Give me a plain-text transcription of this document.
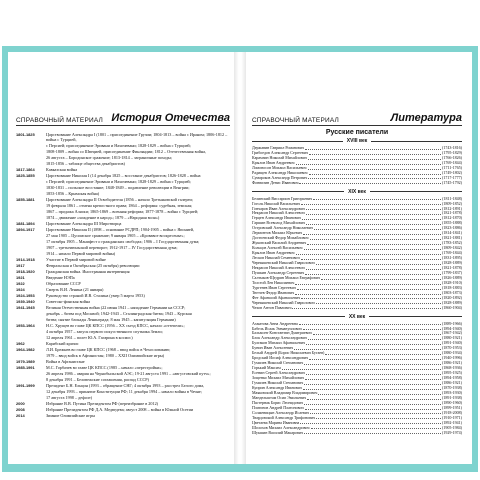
СПРАВОЧНЫЙ МАТЕРИАЛ История Отечества
1801-1825	Царствование Александра I (1801 – присоединение Грузии; 1804-1813 – война с Ираном; 1806-1812 – война с Турцией,
с Персией; присоединение Эривани и Нахичевани; 1828-1829 – война с Турцией;
1808-1809 – война со Швецией, присоединение Финляндии; 1812 – Отечественная война,
26 августа – Бородинское сражение; 1813-1814 – заграничные походы;
1815-1856 – таблице общества декабристов)
1817-1864	Кавказская война
1825-1855	Царствование Николая I (14 декабря 1825 – восстание декабристов; 1826-1828 – война
с Персией; присоединение Эривани и Нахичевани; 1828-1829 – война с Турцией;
1830-1831 – польское восстание; 1848-1849 – подавление революции в Венгрии;
1853-1856 – Крымская война)
1855-1881	Царствование Александра II Освободителя (1856 – начало Третьяковской галереи;
19 февраля 1861 – отмена крепостного права; 1864 – реформы: судебная, земская;
1867 – продажа Аляски; 1865-1869 – военная реформа; 1877-1878 – война с Турцией;
1874 – движение «хождение в народ»; 1879 – «Народная воля»)
1881-1894	Царствование Александра III Миротворца
1894-1917	Царствование Николая II (1898 – основание РСДРП; 1904-1905 – война с Японией,
27 мая 1905 – Цусимское сражение; 9 января 1905 – «Кровавое воскресенье»;
17 октября 1905 – Манифест о гражданских свободах; 1906 – I Государственная дума;
1907 – третьеиюньский переворот; 1912-1917 – IV Государственная дума;
1914 – начало Первой мировой войны)
1914-1918	Участие в Первой мировой войне
1917	Февральская и Октябрьская (25 октября) революции
1918-1920	Гражданская война. Иностранная интервенция
1921	Введение НЭПа
1922	Образование СССР
1924	Смерть В.И. Ленина (21 января)
1924-1953	Руководство страной И.В. Сталина (умер 5 марта 1953)
1939-1940	Советско-финская война
1941-1945	Великая Отечественная война (22 июня 1941 – нападение Германии на СССР;
декабрь – битва под Москвой; 1942-1943 – Сталинградская битва; 1943 – Курская
битва; снятие блокады Ленинграда; 8 мая 1945 – капитуляция Германии)
1953-1964	Н.С. Хрущев во главе ЦК КПСС (1956 – XX съезд КПСС, начало «оттепели»;
4 октября 1957 – запуск первого искусственного спутника Земли;
12 апреля 1961 – полет Ю.А. Гагарина в космос)
1962	Карибский кризис
1964-1982	Л.И. Брежнев во главе ЦК КПСС (1968 – ввод войск в Чехословакию;
1979 – ввод войск в Афганистан; 1980 – XXII Олимпийские игры)
1979-1989	Война в Афганистане
1985-1991	М.С. Горбачев во главе ЦК КПСС (1985 – начало «перестройки»;
26 апреля 1986 – авария на Чернобыльской АЭС; 19-21 августа 1991 – «августовский путч»;
8 декабря 1991 – Беловежские соглашения, распад СССР)
1991-1999	Президент Б.Н. Ельцин (1993 – обращение СНГ; 4 октября 1993 – расстрел Белого дома,
12 декабря 1993 – принятие Конституции РФ; 11 декабря 1994 – начало войны в Чечне;
17 августа 1998 – дефолт)
2000	Избрание В.В. Путина Президентом РФ (переизбрание в 2012)
2008	Избрание Президентом РФ Д.А. Медведева; август 2008 – война в Южной Осетии
2014	Зимние Олимпийские игры
СПРАВОЧНЫЙ МАТЕРИАЛ	Литература
Русские писатели
XVIII век
Державин Гавриил Романович	(1743-1816)
Грибоедов Александр Сергеевич	(1795-1829)
Карамзин Николай Михайлович	(1766-1826)
Крылов Иван Андреевич	(1769-1844)
Ломоносов Михаил Васильевич	(1711-1765)
Радищев Александр Николаевич	(1749-1802)
Сумароков Александр Петрович	(1717-1777)
Фонвизин Денис Иванович	(1745-1792)
XIX век
Белинский Виссарион Григорьевич	(1811-1848)
Гоголь Николай Васильевич	(1809-1852)
Гончаров Иван Александрович	(1812-1891)
Некрасов Николай Алексеевич	(1821-1878)
Герцен Александр Иванович	(1812-1870)
Гаршин Всеволод Михайлович	(1855-1888)
Островский Александр Николаевич	(1823-1886)
Лермонтов Михаил Юрьевич	(1814-1841)
Достоевский Федор Михайлович	(1821-1881)
Жуковский Василий Андреевич	(1783-1852)
Кольцов Алексей Васильевич	(1809-1842)
Крылов Иван Андреевич	(1769-1844)
Лесков Николай Семенович	(1831-1895)
Чернышевский Николай Гаврилович	(1828-1889)
Некрасов Николай Алексеевич	(1821-1878)
Пушкин Александр Сергеевич	(1799-1837)
Салтыков-Щедрин Михаил Евграфович	(1826-1889)
Толстой Лев Николаевич	(1828-1910)
Тургенев Иван Сергеевич	(1818-1883)
Тютчев Федор Иванович	(1803-1873)
Фет Афанасий Афанасьевич	(1820-1892)
Чернышевский Николай Гаврилович	(1828-1889)
Чехов Антон Павлович	(1860-1904)
XX век
Ахматова Анна Андреевна	(1889-1966)
Бабель Исаак Эммануилович	(1894-1940)
Бальмонт Константин Дмитриевич	(1867-1942)
Блок Александр Александрович	(1880-1921)
Булгаков Михаил Афанасьевич	(1891-1940)
Бунин Иван Алексеевич	(1870-1953)
Белый Андрей (Борис Николаевич Бугаев)	(1880-1934)
Бродский Иосиф Александрович	(1940-1996)
Гумилев Николай Степанович	(1886-1921)
Горький Максим	(1868-1936)
Есенин Сергей Александрович	(1895-1925)
Зощенко Михаил Михайлович	(1894-1958)
Гумилев Николай Степанович	(1886-1921)
Куприн Александр Иванович	(1870-1938)
Маяковский Владимир Владимирович	(1893-1930)
Мандельштам Осип Эмильевич	(1891-1938)
Пастернак Борис Леонидович	(1890-1960)
Платонов Андрей Платонович	(1899-1951)
Солженицын Александр Исаевич	(1918-2008)
Твардовский Александр Трифонович	(1910-1971)
Цветаева Марина Ивановна	(1892-1941)
Шолохов Михаил Александрович	(1905-1984)
Шукшин Василий Макарович	(1929-1974)
